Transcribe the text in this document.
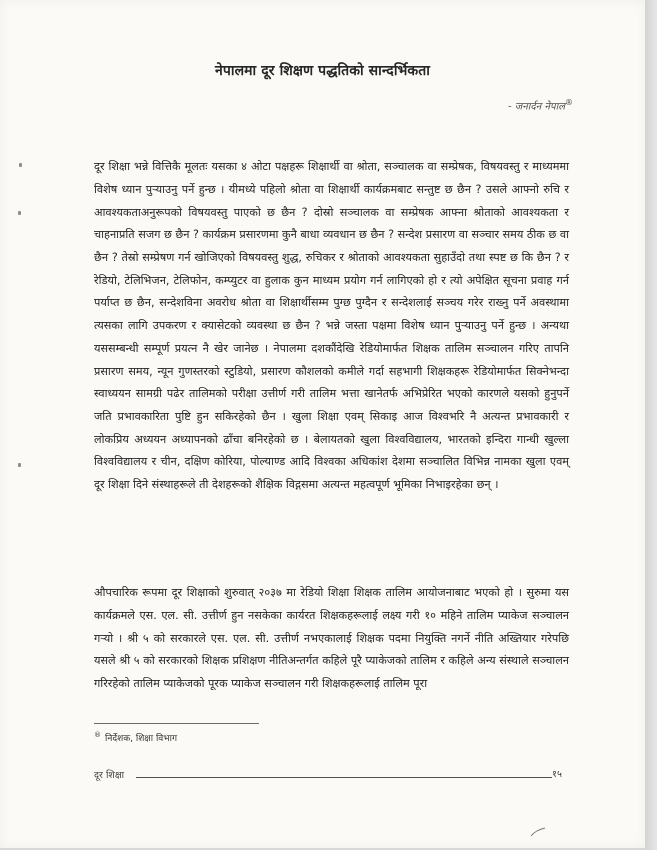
नेपालमा दूर शिक्षण पद्धतिको सान्दर्भिकता
- जनार्दन नेपाल®

दूर शिक्षा भन्ने वित्तिकै मूलतः यसका ४ ओटा पक्षहरू शिक्षार्थी वा श्रोता, सञ्चालक वा सम्प्रेषक, विषयवस्तु र माध्यममा विशेष ध्यान पुऱ्याउनु पर्ने हुन्छ । यीमध्ये पहिलो श्रोता वा शिक्षार्थी कार्यक्रमबाट सन्तुष्ट छ छैन ? उसले आफ्नो रुचि र आवश्यकताअनुरूपको विषयवस्तु पाएको छ छैन ? दोस्रो सञ्चालक वा सम्प्रेषक आफ्ना श्रोताको आवश्यकता र चाहनाप्रति सजग छ छैन ? कार्यक्रम प्रसारणमा कुनै बाधा व्यवधान छ छैन ? सन्देश प्रसारण वा सञ्चार समय ठीक छ वा छैन ? तेस्रो सम्प्रेषण गर्न खोजिएको विषयवस्तु शुद्ध, रुचिकर र श्रोताको आवश्यकता सुहाउँदो तथा स्पष्ट छ कि छैन ? र रेडियो, टेलिभिजन, टेलिफोन, कम्प्युटर वा हुलाक कुन माध्यम प्रयोग गर्न लागिएको हो र त्यो अपेक्षित सूचना प्रवाह गर्न पर्याप्त छ छैन, सन्देशविना अवरोध श्रोता वा शिक्षार्थीसम्म पुग्छ पुग्दैन र सन्देशलाई सञ्चय गरेर राख्नु पर्ने अवस्थामा त्यसका लागि उपकरण र क्यासेटको व्यवस्था छ छैन ? भन्ने जस्ता पक्षमा विशेष ध्यान पुऱ्याउनु पर्ने हुन्छ । अन्यथा यससम्बन्धी सम्पूर्ण प्रयत्न नै खेर जानेछ । नेपालमा दशकौंदेखि रेडियोमार्फत शिक्षक तालिम सञ्चालन गरिए तापनि प्रसारण समय, न्यून गुणस्तरको स्टुडियो, प्रसारण कौशलको कमीले गर्दा सहभागी शिक्षकहरू रेडियोमार्फत सिक्नेभन्दा स्वाध्ययन सामग्री पढेर तालिमको परीक्षा उत्तीर्ण गरी तालिम भत्ता खानेतर्फ अभिप्रेरित भएको कारणले यसको हुनुपर्ने जति प्रभावकारिता पुष्टि हुन सकिरहेको छैन । खुला शिक्षा एवम् सिकाइ आज विश्वभरि नै अत्यन्त प्रभावकारी र लोकप्रिय अध्ययन अध्यापनको ढाँचा बनिरहेको छ । बेलायतको खुला विश्वविद्यालय, भारतको इन्दिरा गान्धी खुल्ला विश्वविद्यालय र चीन, दक्षिण कोरिया, पोल्याण्ड आदि विश्वका अधिकांश देशमा सञ्चालित विभिन्न नामका खुला एवम् दूर शिक्षा दिने संस्थाहरूले ती देशहरूको शैक्षिक विद्गसमा अत्यन्त महत्वपूर्ण भूमिका निभाइरहेका छन् ।

औपचारिक रूपमा दूर शिक्षाको शुरुवात् २०३७ मा रेडियो शिक्षा शिक्षक तालिम आयोजनाबाट भएको हो । सुरुमा यस कार्यक्रमले एस. एल. सी. उत्तीर्ण हुन नसकेका कार्यरत शिक्षकहरूलाई लक्ष्य गरी १० महिने तालिम प्याकेज सञ्चालन गऱ्यो । श्री ५ को सरकारले एस. एल. सी. उत्तीर्ण नभएकालाई शिक्षक पदमा नियुक्ति नगर्ने नीति अख्तियार गरेपछि यसले श्री ५ को सरकारको शिक्षक प्रशिक्षण नीतिअन्तर्गत कहिले पूरै प्याकेजको तालिम र कहिले अन्य संस्थाले सञ्चालन गरिरहेको तालिम प्याकेजको पूरक प्याकेज सञ्चालन गरी शिक्षकहरूलाई तालिम पूरा

® निर्देशक, शिक्षा विभाग
दूर शिक्षा	१५
